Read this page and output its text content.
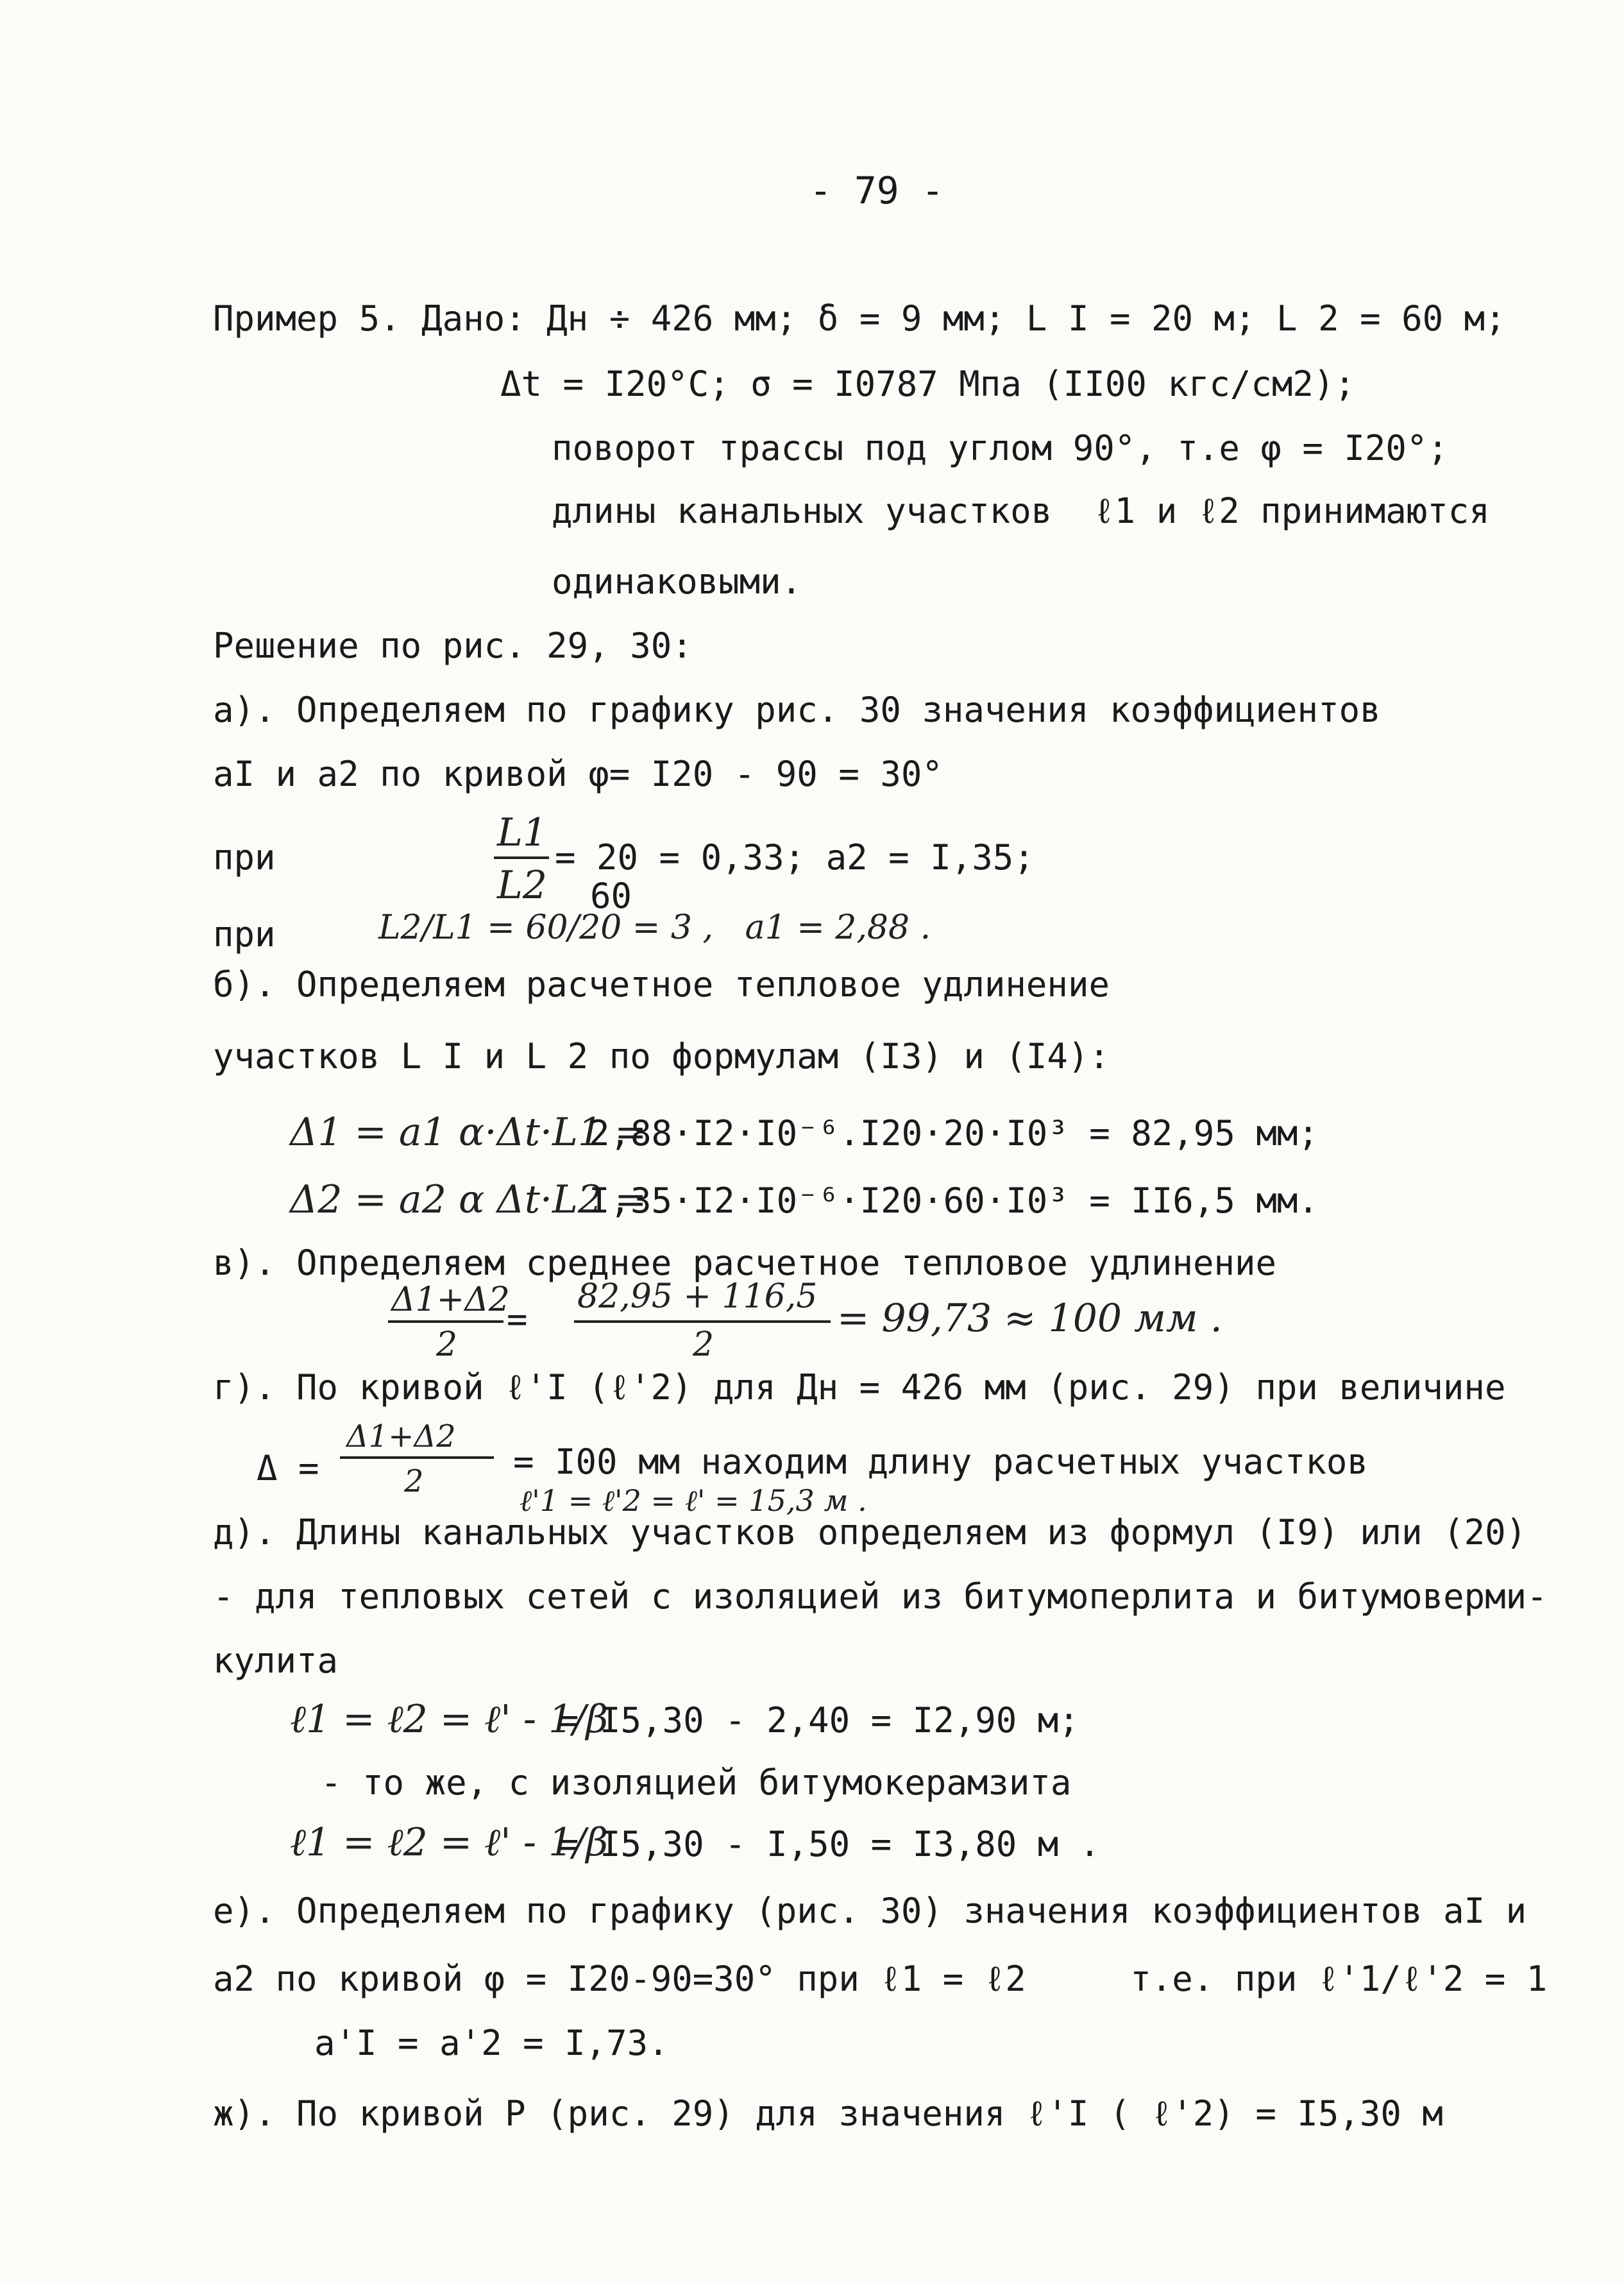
- 79 -
Пример 5. Дано: Дн ÷ 426 мм; δ = 9 мм; L I = 20 м; L 2 = 60 м;
Δt = I20°C; σ = I0787 Мпа (II00 кгс/см2);
поворот трассы под углом 90°, т.е φ = I20°;
длины канальных участков  ℓ1 и ℓ2 принимаются
одинаковыми.
Решение по рис. 29, 30:
а). Определяем по графику рис. 30 значения коэффициентов
aI и a2 по кривой φ= I20 - 90 = 30°
при
L1
L2
= 20 = 0,33; a2 = I,35;
60
при	L2/L1 = 60/20 = 3 ,   a1 = 2,88 .
б). Определяем расчетное тепловое удлинение
участков L I и L 2 по формулам (I3) и (I4):
Δ1 = a1 α·Δt·L1 =
2,88·I2·I0⁻⁶.I20·20·I0³ = 82,95 мм;
Δ2 = a2 α Δt·L2 =
I,35·I2·I0⁻⁶·I20·60·I0³ = II6,5 мм.
в). Определяем среднее расчетное тепловое удлинение
Δ1+Δ2
2
=
82,95 + 116,5
2
= 99,73 ≈ 100 мм .
г). По кривой ℓ'I (ℓ'2) для Дн = 426 мм (рис. 29) при величине
Δ =
Δ1+Δ2
2	= I00 мм находим длину расчетных участков
ℓ'1 = ℓ'2 = ℓ' = 15,3 м .
д). Длины канальных участков определяем из формул (I9) или (20)
- для тепловых сетей с изоляцией из битумоперлита и битумоверми-
кулита
ℓ1 = ℓ2 = ℓ' - 1/β
= I5,30 - 2,40 = I2,90 м;
- то же, с изоляцией битумокерамзита
ℓ1 = ℓ2 = ℓ' - 1/β
= I5,30 - I,50 = I3,80 м .
е). Определяем по графику (рис. 30) значения коэффициентов aI и
a2 по кривой φ = I20-90=30° при ℓ1 = ℓ2     т.е. при ℓ'1/ℓ'2 = 1
a'I = a'2 = I,73.
ж). По кривой Р (рис. 29) для значения ℓ'I ( ℓ'2) = I5,30 м
